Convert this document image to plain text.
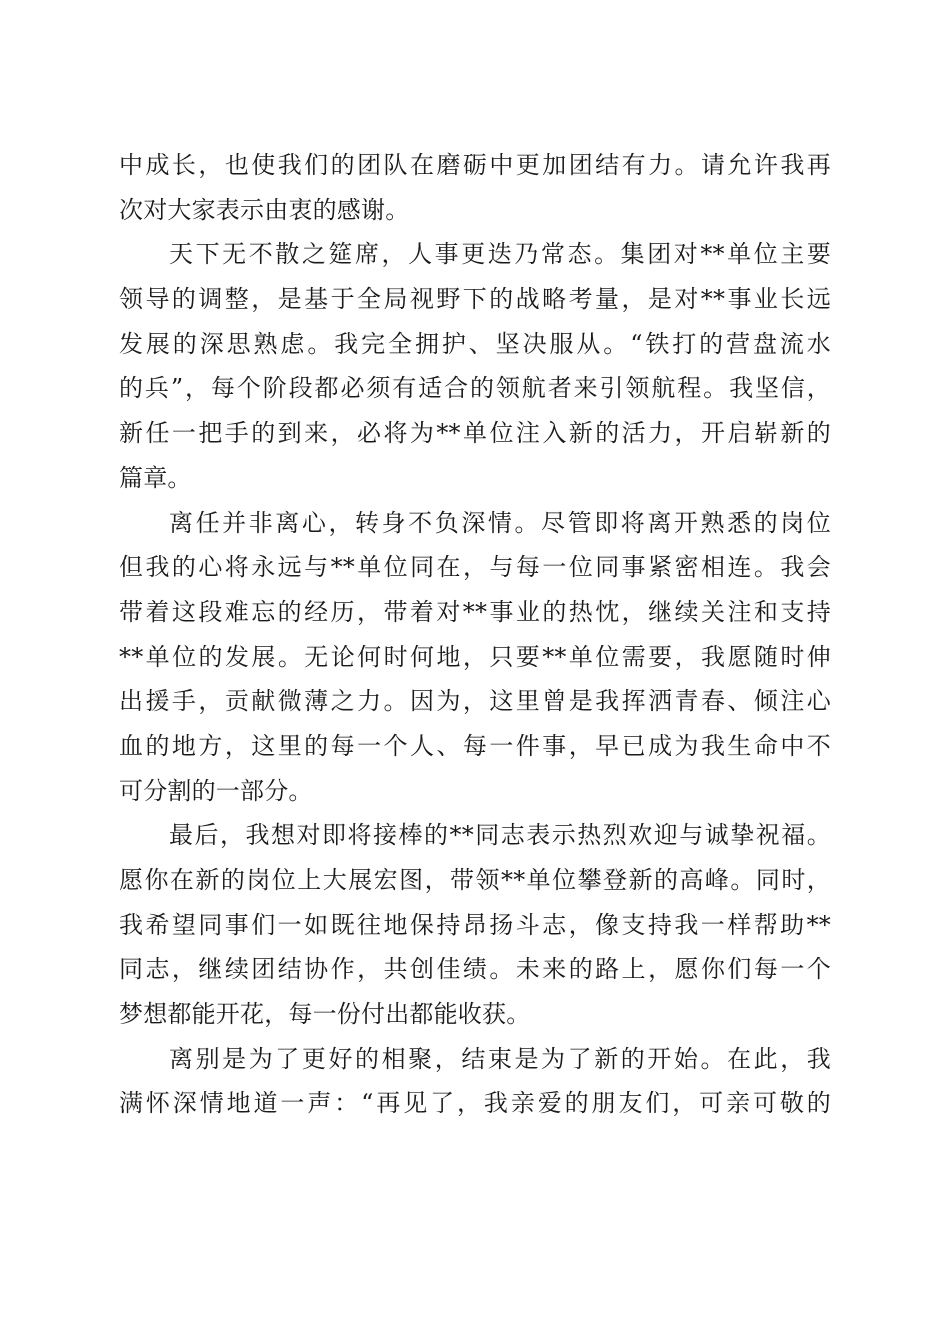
中成长，也使我们的团队在磨砺中更加团结有力。请允许我再
次对大家表示由衷的感谢。
天下无不散之筵席，人事更迭乃常态。集团对**单位主要
领导的调整，是基于全局视野下的战略考量，是对**事业长远
发展的深思熟虑。我完全拥护、坚决服从。“铁打的营盘流水
的兵”，每个阶段都必须有适合的领航者来引领航程。我坚信，
新任一把手的到来，必将为**单位注入新的活力，开启崭新的
篇章。
离任并非离心，转身不负深情。尽管即将离开熟悉的岗位
但我的心将永远与**单位同在，与每一位同事紧密相连。我会
带着这段难忘的经历，带着对**事业的热忱，继续关注和支持
**单位的发展。无论何时何地，只要**单位需要，我愿随时伸
出援手，贡献微薄之力。因为，这里曾是我挥洒青春、倾注心
血的地方，这里的每一个人、每一件事，早已成为我生命中不
可分割的一部分。
最后，我想对即将接棒的**同志表示热烈欢迎与诚挚祝福。
愿你在新的岗位上大展宏图，带领**单位攀登新的高峰。同时，
我希望同事们一如既往地保持昂扬斗志，像支持我一样帮助**
同志，继续团结协作，共创佳绩。未来的路上，愿你们每一个
梦想都能开花，每一份付出都能收获。
离别是为了更好的相聚，结束是为了新的开始。在此，我
满怀深情地道一声：“再见了，我亲爱的朋友们，可亲可敬的
